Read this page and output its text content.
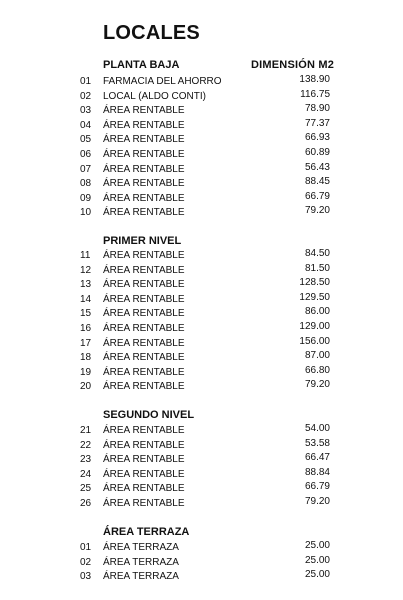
LOCALES
DIMENSIÓN M2
PLANTA BAJA
01 FARMACIA DEL AHORRO	138.90
02 LOCAL (ALDO CONTI)	116.75
03 ÁREA RENTABLE	78.90
04 ÁREA RENTABLE	77.37
05 ÁREA RENTABLE	66.93
06 ÁREA RENTABLE	60.89
07 ÁREA RENTABLE	56.43
08 ÁREA RENTABLE	88.45
09 ÁREA RENTABLE	66.79
10 ÁREA RENTABLE	79.20
PRIMER NIVEL
11 ÁREA RENTABLE	84.50
12 ÁREA RENTABLE	81.50
13 ÁREA RENTABLE	128.50
14 ÁREA RENTABLE	129.50
15 ÁREA RENTABLE	86.00
16 ÁREA RENTABLE	129.00
17 ÁREA RENTABLE	156.00
18 ÁREA RENTABLE	87.00
19 ÁREA RENTABLE	66.80
20 ÁREA RENTABLE	79.20
SEGUNDO NIVEL
21 ÁREA RENTABLE	54.00
22 ÁREA RENTABLE	53.58
23 ÁREA RENTABLE	66.47
24 ÁREA RENTABLE	88.84
25 ÁREA RENTABLE	66.79
26 ÁREA RENTABLE	79.20
ÁREA TERRAZA
01 ÁREA TERRAZA	25.00
02 ÁREA TERRAZA	25.00
03 ÁREA TERRAZA	25.00
